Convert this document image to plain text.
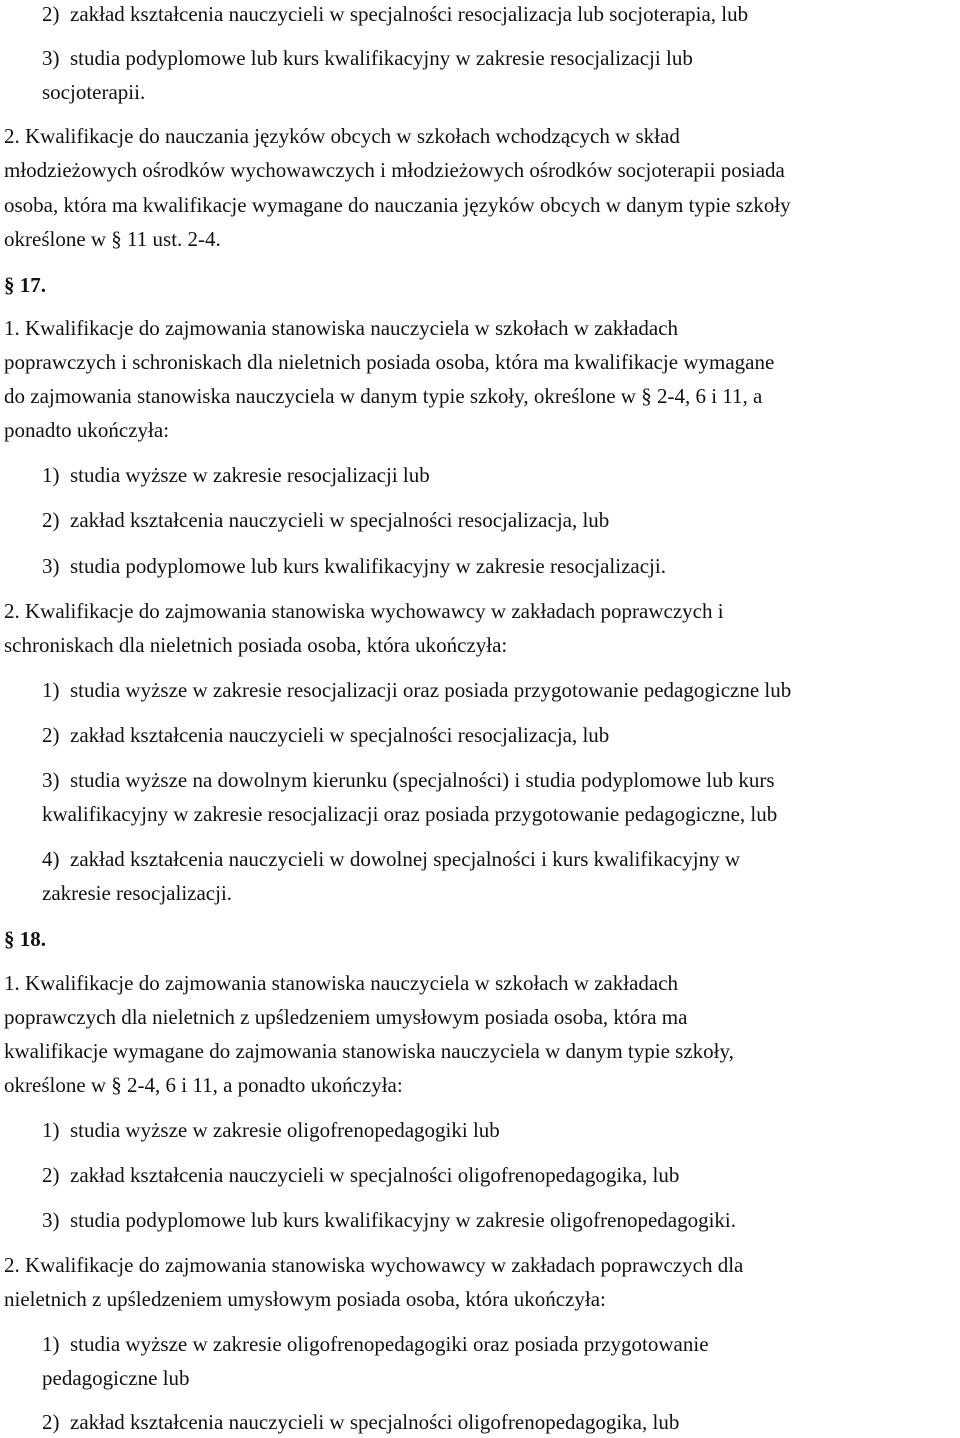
2)  zakład kształcenia nauczycieli w specjalności resocjalizacja lub socjoterapia, lub
3)  studia podyplomowe lub kurs kwalifikacyjny w zakresie resocjalizacji lub
socjoterapii.
2. Kwalifikacje do nauczania języków obcych w szkołach wchodzących w skład
młodzieżowych ośrodków wychowawczych i młodzieżowych ośrodków socjoterapii posiada
osoba, która ma kwalifikacje wymagane do nauczania języków obcych w danym typie szkoły
określone w § 11 ust. 2-4.
§ 17.
1. Kwalifikacje do zajmowania stanowiska nauczyciela w szkołach w zakładach
poprawczych i schroniskach dla nieletnich posiada osoba, która ma kwalifikacje wymagane
do zajmowania stanowiska nauczyciela w danym typie szkoły, określone w § 2-4, 6 i 11, a
ponadto ukończyła:
1)  studia wyższe w zakresie resocjalizacji lub
2)  zakład kształcenia nauczycieli w specjalności resocjalizacja, lub
3)  studia podyplomowe lub kurs kwalifikacyjny w zakresie resocjalizacji.
2. Kwalifikacje do zajmowania stanowiska wychowawcy w zakładach poprawczych i
schroniskach dla nieletnich posiada osoba, która ukończyła:
1)  studia wyższe w zakresie resocjalizacji oraz posiada przygotowanie pedagogiczne lub
2)  zakład kształcenia nauczycieli w specjalności resocjalizacja, lub
3)  studia wyższe na dowolnym kierunku (specjalności) i studia podyplomowe lub kurs
kwalifikacyjny w zakresie resocjalizacji oraz posiada przygotowanie pedagogiczne, lub
4)  zakład kształcenia nauczycieli w dowolnej specjalności i kurs kwalifikacyjny w
zakresie resocjalizacji.
§ 18.
1. Kwalifikacje do zajmowania stanowiska nauczyciela w szkołach w zakładach
poprawczych dla nieletnich z upśledzeniem umysłowym posiada osoba, która ma
kwalifikacje wymagane do zajmowania stanowiska nauczyciela w danym typie szkoły,
określone w § 2-4, 6 i 11, a ponadto ukończyła:
1)  studia wyższe w zakresie oligofrenopedagogiki lub
2)  zakład kształcenia nauczycieli w specjalności oligofrenopedagogika, lub
3)  studia podyplomowe lub kurs kwalifikacyjny w zakresie oligofrenopedagogiki.
2. Kwalifikacje do zajmowania stanowiska wychowawcy w zakładach poprawczych dla
nieletnich z upśledzeniem umysłowym posiada osoba, która ukończyła:
1)  studia wyższe w zakresie oligofrenopedagogiki oraz posiada przygotowanie
pedagogiczne lub
2)  zakład kształcenia nauczycieli w specjalności oligofrenopedagogika, lub
